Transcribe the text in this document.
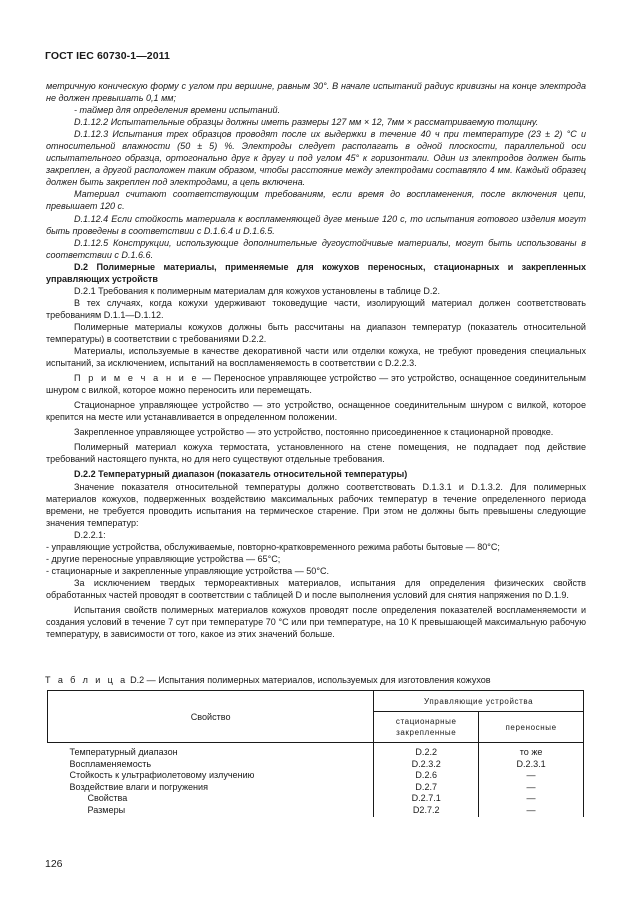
ГОСТ IEC 60730-1—2011

метричную коническую форму с углом при вершине, равным 30°. В начале испытаний радиус кривизны на конце электрода не должен превышать 0,1 мм;

- таймер для определения времени испытаний.

D.1.12.2 Испытательные образцы должны иметь размеры 127 мм × 12, 7мм × рассматриваемую толщину.

D.1.12.3 Испытания трех образцов проводят после их выдержки в течение 40 ч при температуре (23 ± 2) °С и относительной влажности (50 ± 5) %. Электроды следует располагать в одной плоскости, параллельной оси испытательного образца, ортогонально друг к другу и под углом 45° к горизонтали. Один из электродов должен быть закреплен, а другой расположен таким образом, чтобы расстояние между электродами составляло 4 мм. Каждый образец должен быть закреплен под электродами, а цепь включена.

Материал считают соответствующим требованиям, если время до воспламенения, после включения цепи, превышает 120 с.

D.1.12.4 Если стойкость материала к воспламеняющей дуге меньше 120 с, то испытания готового изделия могут быть проведены в соответствии с D.1.6.4 и D.1.6.5.

D.1.12.5 Конструкции, использующие дополнительные дугоустойчивые материалы, могут быть использованы в соответствии с D.1.6.6.

D.2 Полимерные материалы, применяемые для кожухов переносных, стационарных и закрепленных управляющих устройств

D.2.1 Требования к полимерным материалам для кожухов установлены в таблице D.2.

В тех случаях, когда кожухи удерживают токоведущие части, изолирующий материал должен соответствовать требованиям D.1.1—D.1.12.

Полимерные материалы кожухов должны быть рассчитаны на диапазон температур (показатель относительной температуры) в соответствии с требованиями D.2.2.

Материалы, используемые в качестве декоративной части или отделки кожуха, не требуют проведения специальных испытаний, за исключением, испытаний на воспламеняемость в соответствии с D.2.2.3.

П р и м е ч а н и е — Переносное управляющее устройство — это устройство, оснащенное соединительным шнуром с вилкой, которое можно переносить или перемещать.

Стационарное управляющее устройство — это устройство, оснащенное соединительным шнуром с вилкой, которое крепится на месте или устанавливается в определенном положении.

Закрепленное управляющее устройство — это устройство, постоянно присоединенное к стационарной проводке.

Полимерный материал кожуха термостата, установленного на стене помещения, не подпадает под действие требований настоящего пункта, но для него существуют отдельные требования.

D.2.2 Температурный диапазон (показатель относительной температуры)

Значение показателя относительной температуры должно соответствовать D.1.3.1 и D.1.3.2. Для полимерных материалов кожухов, подверженных воздействию максимальных рабочих температур в течение определенного периода времени, не требуется проводить испытания на термическое старение. При этом не должны быть превышены следующие значения температур:

D.2.2.1:

- управляющие устройства, обслуживаемые, повторно-кратковременного режима работы бытовые — 80°С;

- другие переносные управляющие устройства — 65°С;

- стационарные и закрепленные управляющие устройства — 50°С.

За исключением твердых термореактивных материалов, испытания для определения физических свойств обработанных частей проводят в соответствии с таблицей D и после выполнения условий для снятия напряжения по D.1.9.

Испытания свойств полимерных материалов кожухов проводят после определения показателей воспламеняемости и создания условий в течение 7 сут при температуре 70 °С или при температуре, на 10 К превышающей максимальную рабочую температуру, в зависимости от того, какое из этих значений больше.

Т а б л и ц а D.2 — Испытания полимерных материалов, используемых для изготовления кожухов
Свойство	Управляющие устройства	
	стационарные закрепленные	переносные
Температурный диапазон	D.2.2	то же
Воспламеняемость	D.2.3.2	D.2.3.1
Стойкость к ультрафиолетовому излучению	D.2.6	—
Воздействие влаги и погружения	D.2.7	—
Свойства	D.2.7.1	—
Размеры	D2.7.2	—
126
